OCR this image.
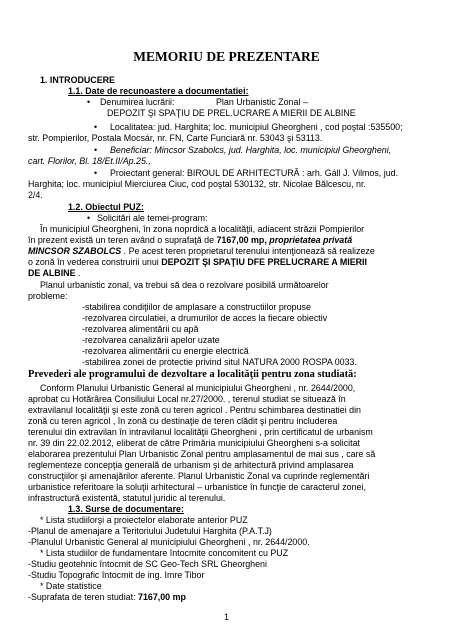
MEMORIU DE PREZENTARE
1. INTRODUCERE
1.1. Date de recunoastere a documentatiei:
• Denumirea lucrării:	Plan Urbanistic Zonal –
DEPOZIT ŞI SPAŢIU DE PREL.UCRARE A MIERII DE ALBINE
• Localitatea: jud. Harghita; loc. municipiul Gheorgheni , cod poştal :535500;
str. Pompierilor, Postala Mocsár, nr. FN, Carte Funciară nr. 53043 şi 53113.
• Beneficiar: Mincsor Szabolcs, jud. Harghita, loc. municipiul Gheorgheni,
cart. Florilor, Bl. 18/Et.II/Ap.25.,
• Proiectant general: BIROUL DE ARHITECTURĂ : arh. Gáll J. Vilmos, jud.
Harghita; loc. municipiul Mierciurea Ciuc, cod poştal 530132, str. Nicolae Bălcescu, nr.
2/4.
1.2. Obiectul PUZ:
• Solicitări ale temei-program:
În municipiul Gheorgheni, în zona noprdică a localităţii, adiacent străzii Pompierilor
în prezent există un teren având o suprafaţă de 7167,00 mp, proprietatea privată
MINCSOR SZABOLCS . Pe acest teren proprietarul terenului intenţionează să realizeze
o zonă în vederea construirii unui DEPOZIT ŞI SPAŢIU DFE PRELUCRARE A MIERII
DE ALBINE .
Planul urbanistic zonal, va trebui să dea o rezolvare posibilă următoarelor
probleme:
-stabilirea condiţiilor de amplasare a constructiilor propuse
-rezolvarea circulatiei, a drumurilor de acces la fiecare obiectiv
-rezolvarea alimentării cu apă
-rezolvarea canalizării apelor uzate
-rezolvarea alimentării cu energie electrică
-stabilirea zonei de protectie privind situl NATURA 2000 ROSPA 0033.
Prevederi ale programului de dezvoltare a localităţii pentru zona studiată:
Conform Planului Urbanistic General al municipiului Gheorgheni , nr. 2644/2000,
aprobat cu Hotărârea Consiliului Local nr.27/2000. , terenul studiat se situează în
extravilanul localităţii şi este zonă cu teren agricol . Pentru schimbarea destinatiei din
zonă cu teren agricol , în zonă cu destinaţie de teren clădit şi pentru includerea
terenului din extravilan în intravilanul localităţii Gheorgheni , prin certificatul de urbanism
nr. 39 din 22.02.2012, eliberat de către Primăria municipiului Gheorgheni s-a solicitat
elaborarea prezentului Plan Urbanistic Zonal pentru amplasamentul de mai sus , care să
reglementeze concepţia generală de urbanism şi de arhitectură privind amplasarea
construcţiilor şi amenajărilor aferente. Planul Urbanistic Zonal va cuprinde reglementări
urbanistice referitoare la soluţii arhitectural – urbanistice în funcţie de caracterul zonei,
infrastructură existentă, statutul juridic al terenului.
1.3. Surse de documentare:
* Lista studiilorşi a proiectelor elaborate anterior PUZ
-Planul de amenajare a Teritoriului Judetului Harghita (P.A.T.J)
-Planulul Urbanistic General al municipiului Gheorgheni , nr. 2644/2000.
* Lista studiilor de fundamentare întocmite concomitent cu PUZ
-Studiu geotehnic întocmit de SC Geo-Tech SRL Gheorgheni
-Studiu Topografic întocmit de ing. Imre Tibor
* Date statistice
-Suprafata de teren studiat: 7167,00 mp
1
